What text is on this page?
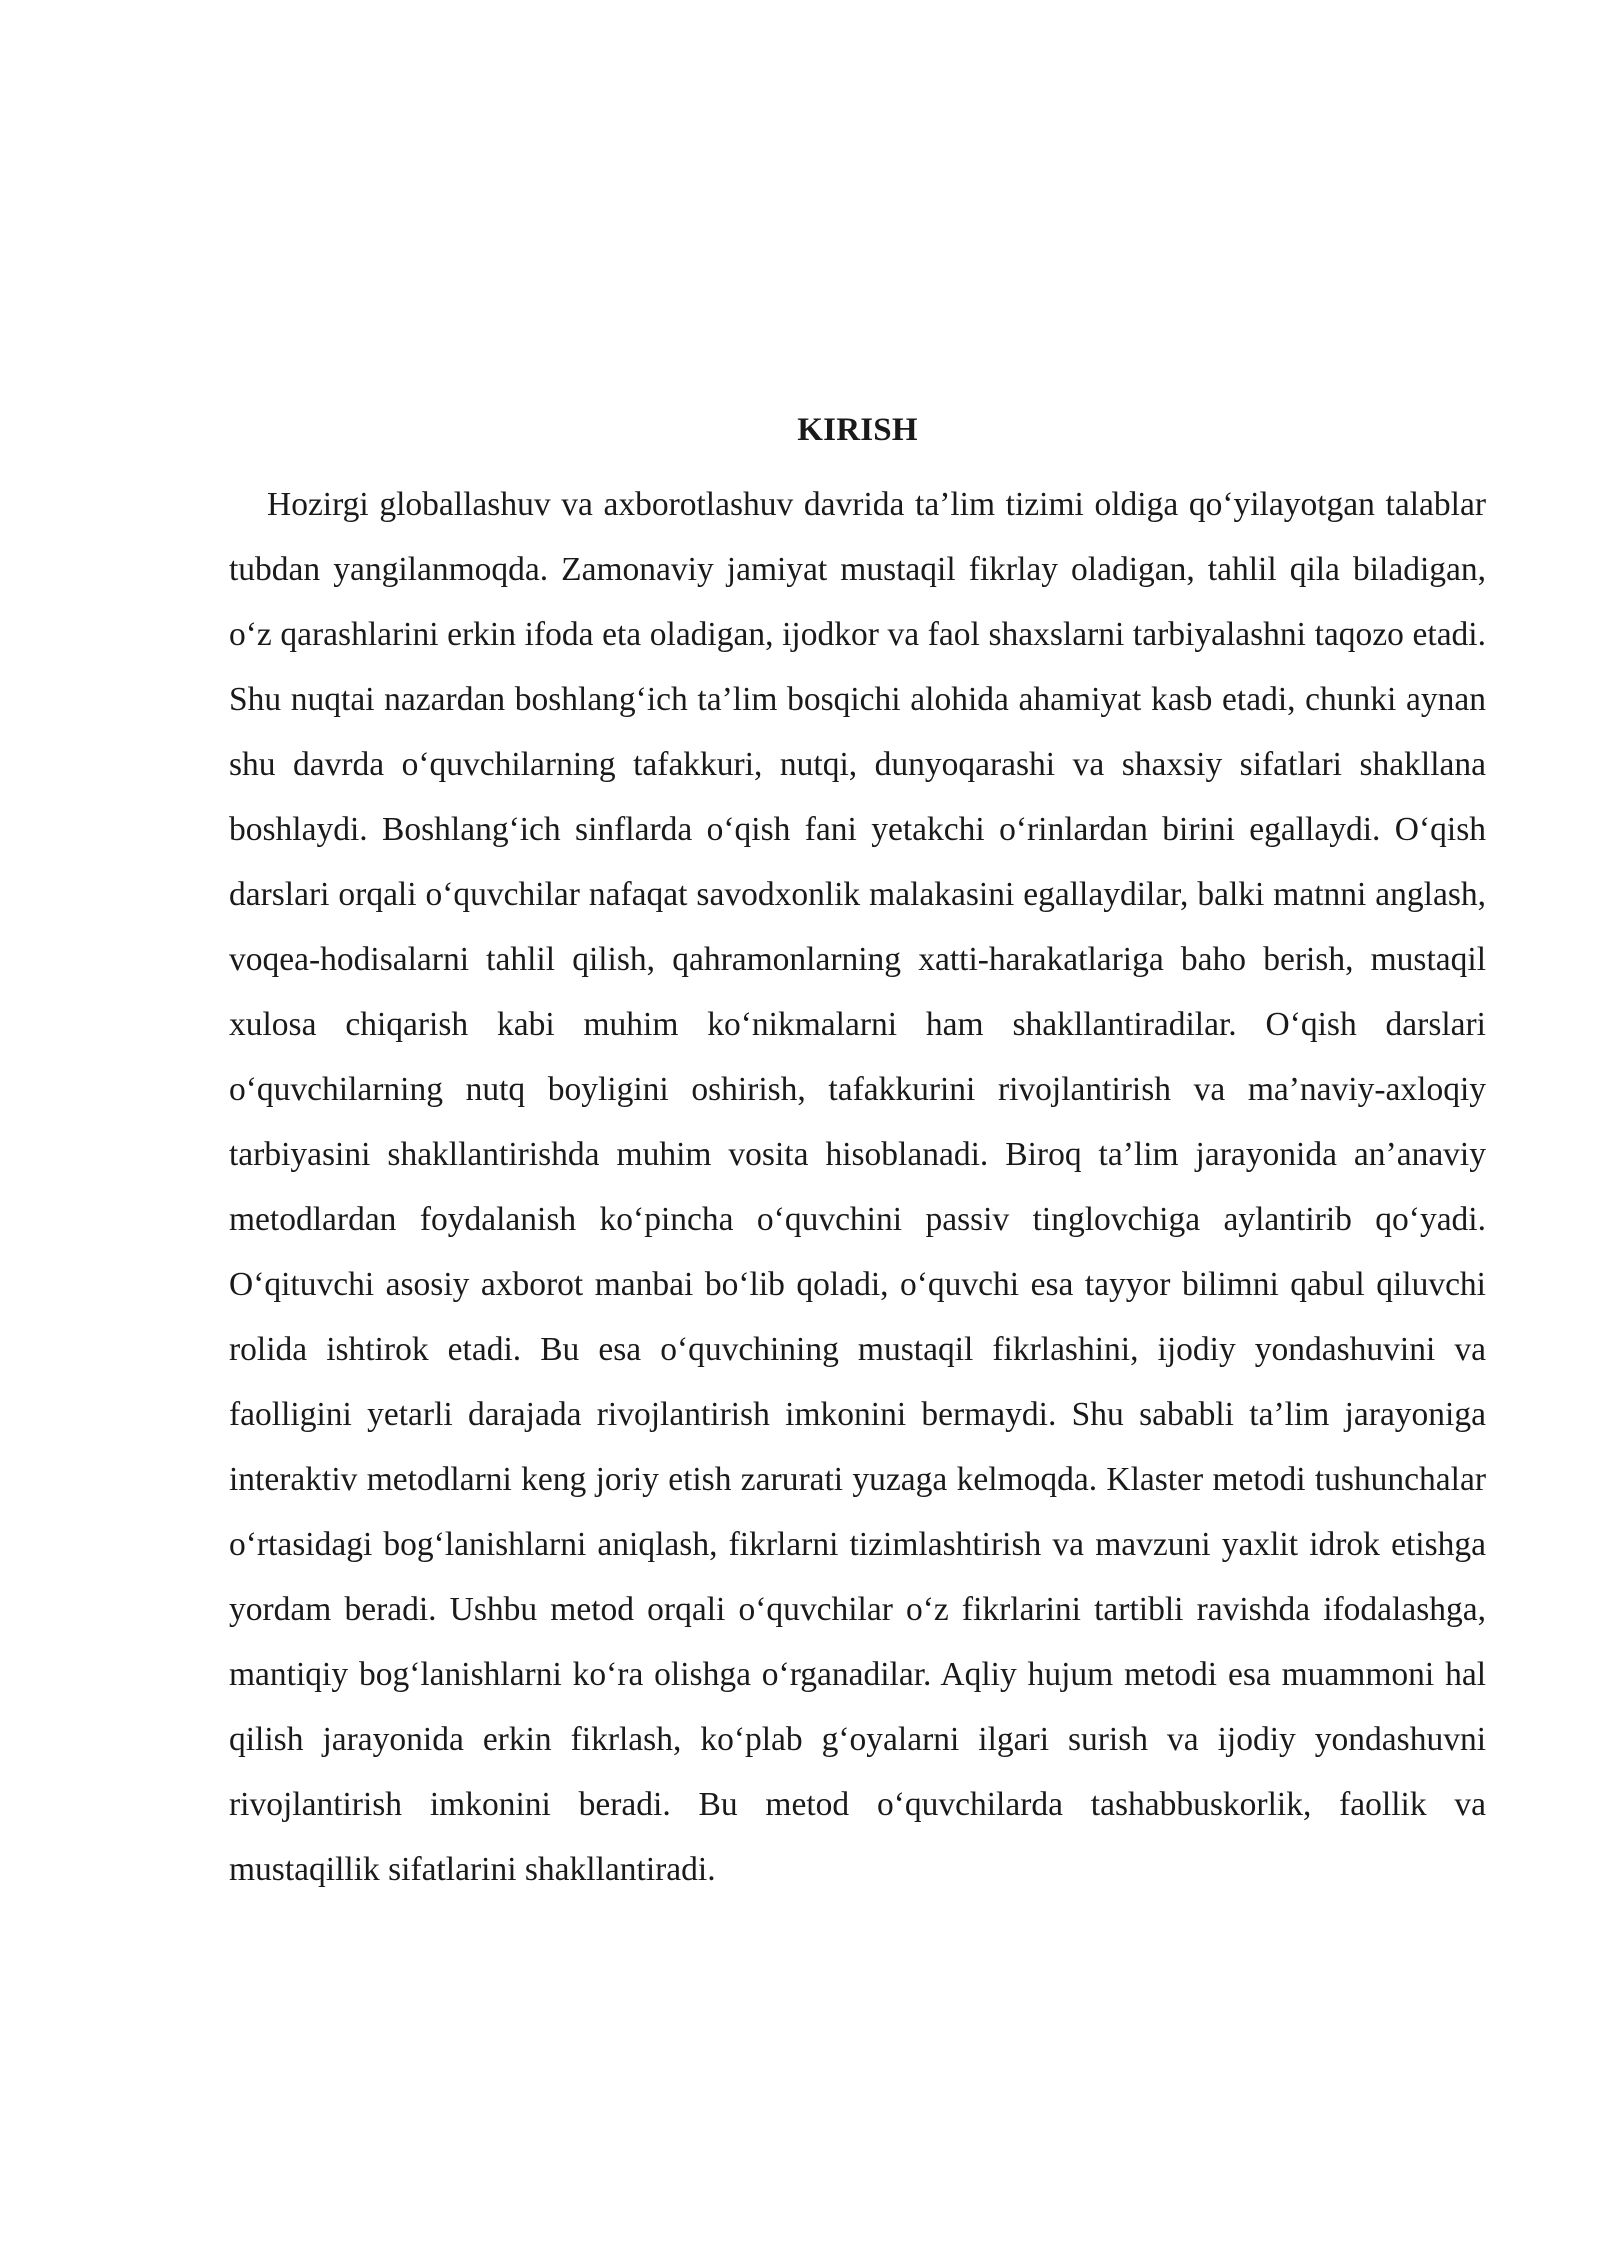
KIRISH

Hozirgi globallashuv va axborotlashuv davrida ta’lim tizimi oldiga qo‘yilayotgan talablar tubdan yangilanmoqda. Zamonaviy jamiyat mustaqil fikrlay oladigan, tahlil qila biladigan, o‘z qarashlarini erkin ifoda eta oladigan, ijodkor va faol shaxslarni tarbiyalashni taqozo etadi. Shu nuqtai nazardan boshlang‘ich ta’lim bosqichi alohida ahamiyat kasb etadi, chunki aynan shu davrda o‘quvchilarning tafakkuri, nutqi, dunyoqarashi va shaxsiy sifatlari shakllana boshlaydi. Boshlang‘ich sinflarda o‘qish fani yetakchi o‘rinlardan birini egallaydi. O‘qish darslari orqali o‘quvchilar nafaqat savodxonlik malakasini egallaydilar, balki matnni anglash, voqea-hodisalarni tahlil qilish, qahramonlarning xatti-harakatlariga baho berish, mustaqil xulosa chiqarish kabi muhim ko‘nikmalarni ham shakllantiradilar. O‘qish darslari o‘quvchilarning nutq boyligini oshirish, tafakkurini rivojlantirish va ma’naviy-axloqiy tarbiyasini shakllantirishda muhim vosita hisoblanadi. Biroq ta’lim jarayonida an’anaviy metodlardan foydalanish ko‘pincha o‘quvchini passiv tinglovchiga aylantirib qo‘yadi. O‘qituvchi asosiy axborot manbai bo‘lib qoladi, o‘quvchi esa tayyor bilimni qabul qiluvchi rolida ishtirok etadi. Bu esa o‘quvchining mustaqil fikrlashini, ijodiy yondashuvini va faolligini yetarli darajada rivojlantirish imkonini bermaydi. Shu sababli ta’lim jarayoniga interaktiv metodlarni keng joriy etish zarurati yuzaga kelmoqda. Klaster metodi tushunchalar o‘rtasidagi bog‘lanishlarni aniqlash, fikrlarni tizimlashtirish va mavzuni yaxlit idrok etishga yordam beradi. Ushbu metod orqali o‘quvchilar o‘z fikrlarini tartibli ravishda ifodalashga, mantiqiy bog‘lanishlarni ko‘ra olishga o‘rganadilar. Aqliy hujum metodi esa muammoni hal qilish jarayonida erkin fikrlash, ko‘plab g‘oyalarni ilgari surish va ijodiy yondashuvni rivojlantirish imkonini beradi. Bu metod o‘quvchilarda tashabbuskorlik, faollik va mustaqillik sifatlarini shakllantiradi.
